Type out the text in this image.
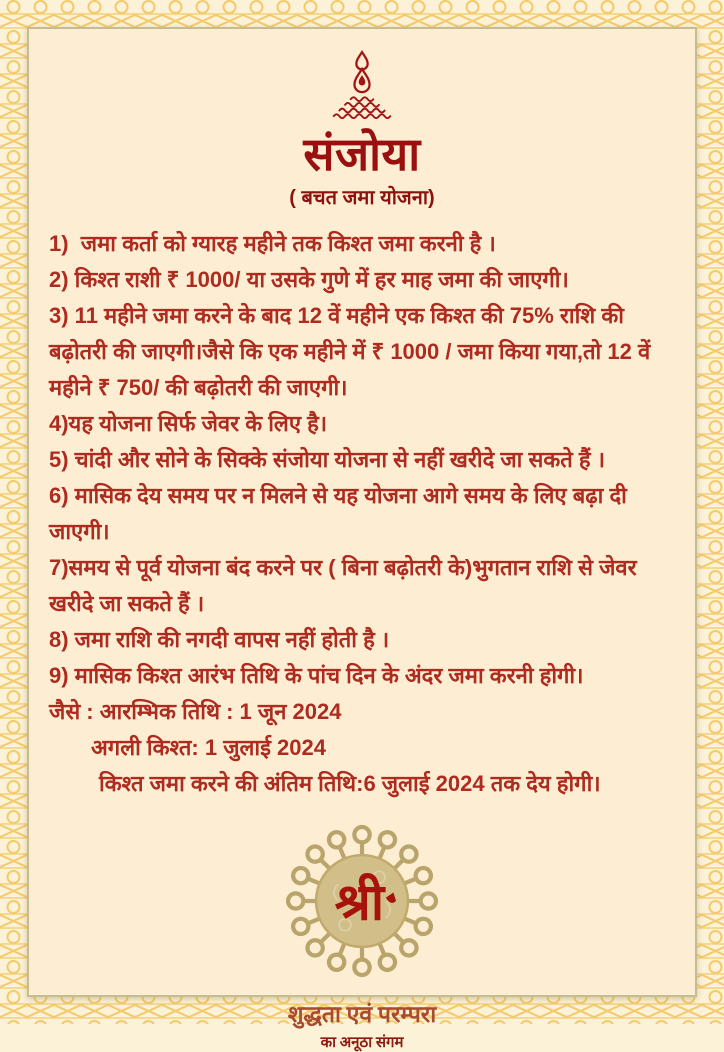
संजोया
( बचत जमा योजना)

1)  जमा कर्ता को ग्यारह महीने तक किश्त जमा करनी है ।

2) किश्त राशी ₹ 1000/ या उसके गुणे में हर माह जमा की जाएगी।

3) 11 महीने जमा करने के बाद 12 वें महीने एक किश्त की 75% राशि की बढ़ोतरी की जाएगी।जैसे कि एक महीने में ₹ 1000 / जमा किया गया,तो 12 वें महीने ₹ 750/ की बढ़ोतरी की जाएगी।

4)यह योजना सिर्फ जेवर के लिए है।

5) चांदी और सोने के सिक्के संजोया योजना से नहीं खरीदे जा सकते हैं ।

6) मासिक देय समय पर न मिलने से यह योजना आगे समय के लिए बढ़ा दी जाएगी।

7)समय से पूर्व योजना बंद करने पर ( बिना बढ़ोतरी के)भुगतान राशि से जेवर खरीदे जा सकते हैं ।

8) जमा राशि की नगदी वापस नहीं होती है ।

9) मासिक किश्त आरंभ तिथि के पांच दिन के अंदर जमा करनी होगी।

जैसे : आरम्भिक तिथि : 1 जून 2024

अगली किश्त: 1 जुलाई 2024

किश्त जमा करने की अंतिम तिथि:6 जुलाई 2024 तक देय होगी।

श्री
शुद्धता एवं परम्परा
का अनूठा संगम
